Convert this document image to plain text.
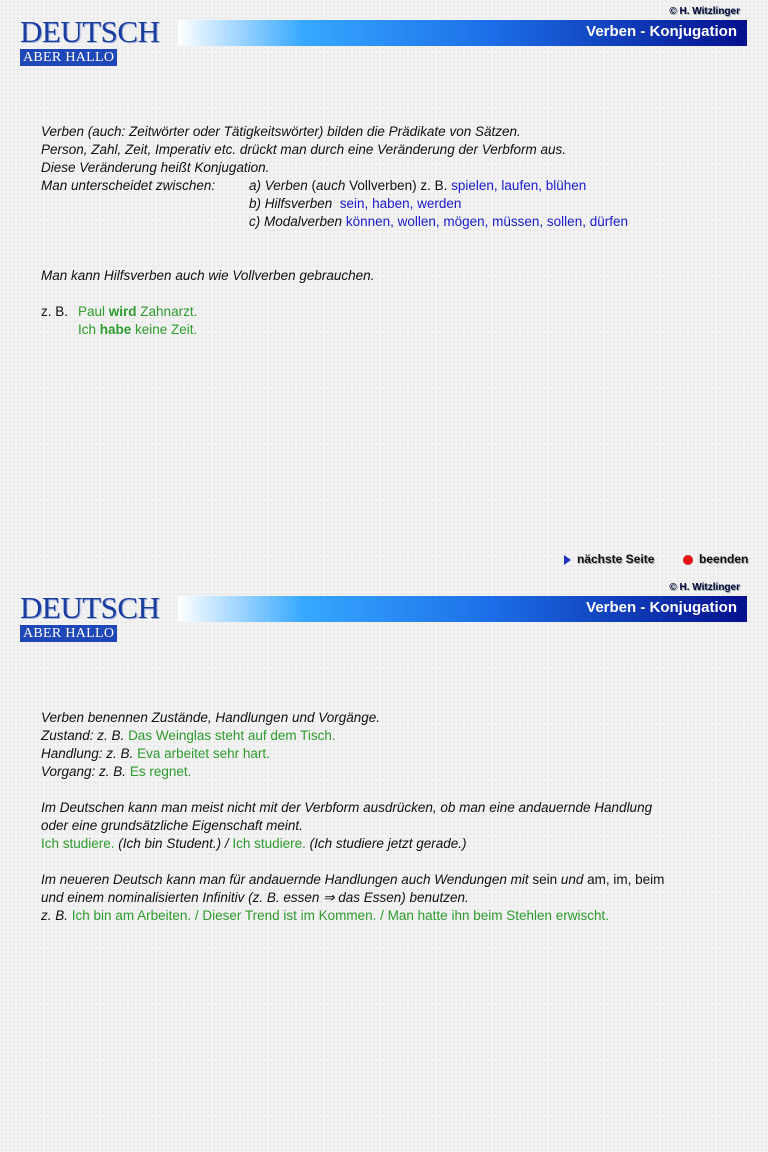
© H. Witzlinger
DEUTSCH
ABER HALLO
Verben - Konjugation
Verben (auch: Zeitwörter oder Tätigkeitswörter) bilden die Prädikate von Sätzen.
Person, Zahl, Zeit, Imperativ etc. drückt man durch eine Veränderung der Verbform aus.
Diese Veränderung heißt Konjugation.
Man unterscheidet zwischen:	a) Verben (auch Vollverben) z. B. spielen, laufen, blühen
b) Hilfsverben sein, haben, werden
c) Modalverben können, wollen, mögen, müssen, sollen, dürfen
Man kann Hilfsverben auch wie Vollverben gebrauchen.
z. B. Paul wird Zahnarzt.
Ich habe keine Zeit.
nächste Seite	beenden
© H. Witzlinger
DEUTSCH
ABER HALLO
Verben - Konjugation
Verben benennen Zustände, Handlungen und Vorgänge.
Zustand: z. B. Das Weinglas steht auf dem Tisch.
Handlung: z. B. Eva arbeitet sehr hart.
Vorgang: z. B. Es regnet.
Im Deutschen kann man meist nicht mit der Verbform ausdrücken, ob man eine andauernde Handlung
oder eine grundsätzliche Eigenschaft meint.
Ich studiere. (Ich bin Student.) / Ich studiere. (Ich studiere jetzt gerade.)
Im neueren Deutsch kann man für andauernde Handlungen auch Wendungen mit sein und am, im, beim
und einem nominalisierten Infinitiv (z. B. essen ⇒ das Essen) benutzen.
z. B. Ich bin am Arbeiten. / Dieser Trend ist im Kommen. / Man hatte ihn beim Stehlen erwischt.
